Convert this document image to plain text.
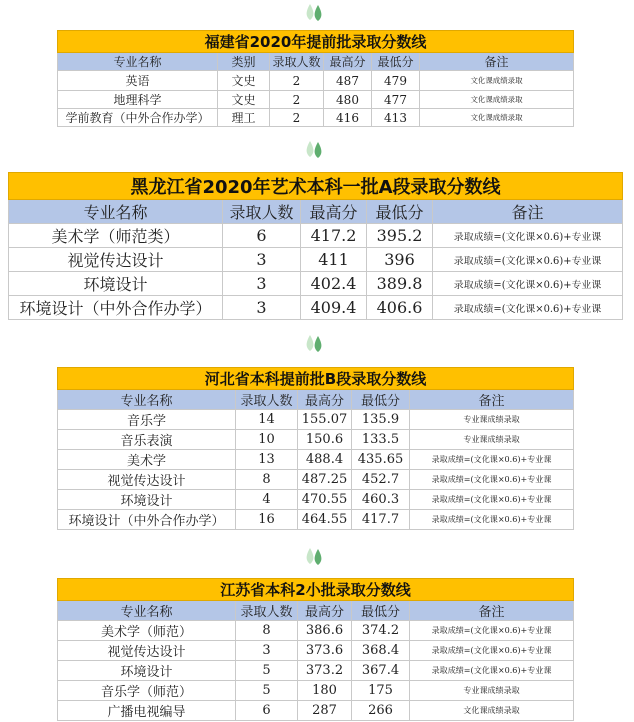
福建省2020年提前批录取分数线					
专业名称	类别	录取人数	最高分	最低分	备注
英语	文史	2	487	479	文化课成绩录取
地理科学	文史	2	480	477	文化课成绩录取
学前教育（中外合作办学）	理工	2	416	413	文化课成绩录取
黑龙江省2020年艺术本科一批A段录取分数线				
专业名称	录取人数	最高分	最低分	备注
美术学（师范类）	6	417.2	395.2	录取成绩=(文化课×0.6)+专业课
视觉传达设计	3	411	396	录取成绩=(文化课×0.6)+专业课
环境设计	3	402.4	389.8	录取成绩=(文化课×0.6)+专业课
环境设计（中外合作办学）	3	409.4	406.6	录取成绩=(文化课×0.6)+专业课
河北省本科提前批B段录取分数线				
专业名称	录取人数	最高分	最低分	备注
音乐学	14	155.07	135.9	专业课成绩录取
音乐表演	10	150.6	133.5	专业课成绩录取
美术学	13	488.4	435.65	录取成绩=(文化课×0.6)+专业课
视觉传达设计	8	487.25	452.7	录取成绩=(文化课×0.6)+专业课
环境设计	4	470.55	460.3	录取成绩=(文化课×0.6)+专业课
环境设计（中外合作办学）	16	464.55	417.7	录取成绩=(文化课×0.6)+专业课
江苏省本科2小批录取分数线				
专业名称	录取人数	最高分	最低分	备注
美术学（师范）	8	386.6	374.2	录取成绩=(文化课×0.6)+专业课
视觉传达设计	3	373.6	368.4	录取成绩=(文化课×0.6)+专业课
环境设计	5	373.2	367.4	录取成绩=(文化课×0.6)+专业课
音乐学（师范）	5	180	175	专业课成绩录取
广播电视编导	6	287	266	文化课成绩录取
